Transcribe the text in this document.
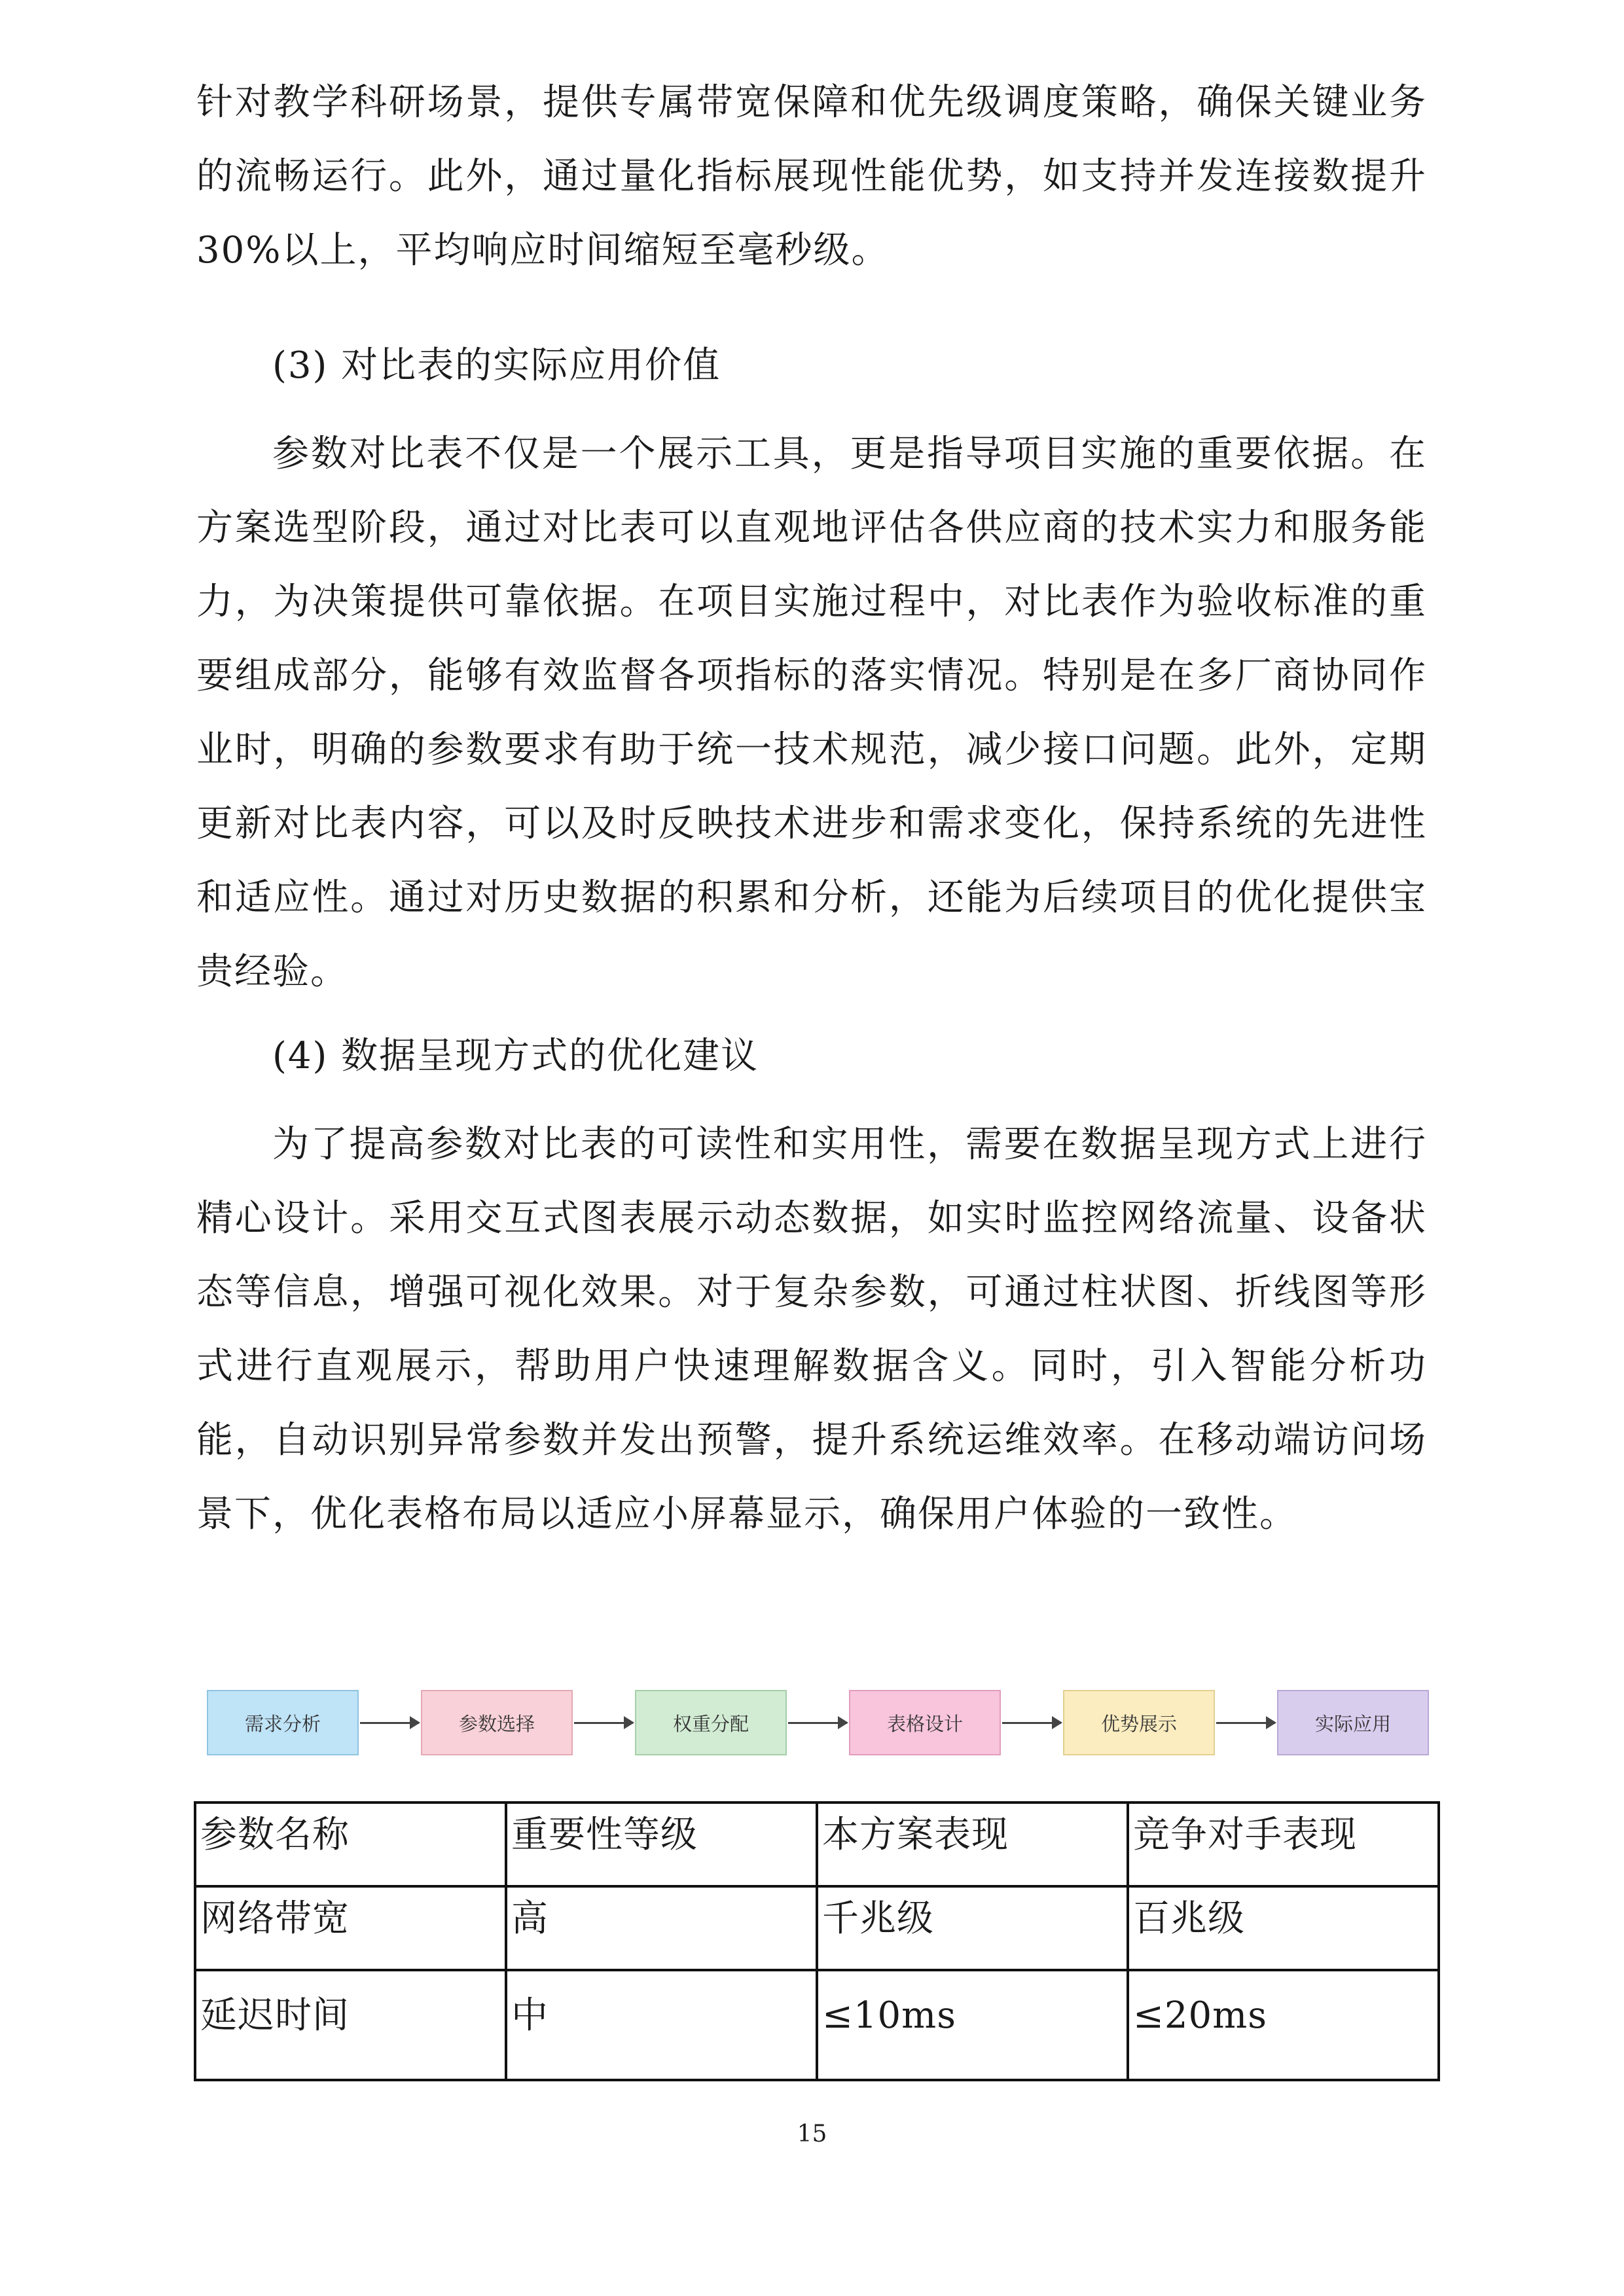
针对教学科研场景，提供专属带宽保障和优先级调度策略，确保关键业务的流畅运行。此外，通过量化指标展现性能优势，如支持并发连接数提升30%以上，平均响应时间缩短至毫秒级。

(3) 对比表的实际应用价值

参数对比表不仅是一个展示工具，更是指导项目实施的重要依据。在方案选型阶段，通过对比表可以直观地评估各供应商的技术实力和服务能力，为决策提供可靠依据。在项目实施过程中，对比表作为验收标准的重要组成部分，能够有效监督各项指标的落实情况。特别是在多厂商协同作业时，明确的参数要求有助于统一技术规范，减少接口问题。此外，定期更新对比表内容，可以及时反映技术进步和需求变化，保持系统的先进性和适应性。通过对历史数据的积累和分析，还能为后续项目的优化提供宝贵经验。

(4) 数据呈现方式的优化建议

为了提高参数对比表的可读性和实用性，需要在数据呈现方式上进行精心设计。采用交互式图表展示动态数据，如实时监控网络流量、设备状态等信息，增强可视化效果。对于复杂参数，可通过柱状图、折线图等形式进行直观展示，帮助用户快速理解数据含义。同时，引入智能分析功能，自动识别异常参数并发出预警，提升系统运维效率。在移动端访问场景下，优化表格布局以适应小屏幕显示，确保用户体验的一致性。

需求分析	参数选择	权重分配	表格设计	优势展示	实际应用
参数名称	重要性等级	本方案表现	竞争对手表现
网络带宽	高	千兆级	百兆级
延迟时间	中	≤10ms	≤20ms
15
